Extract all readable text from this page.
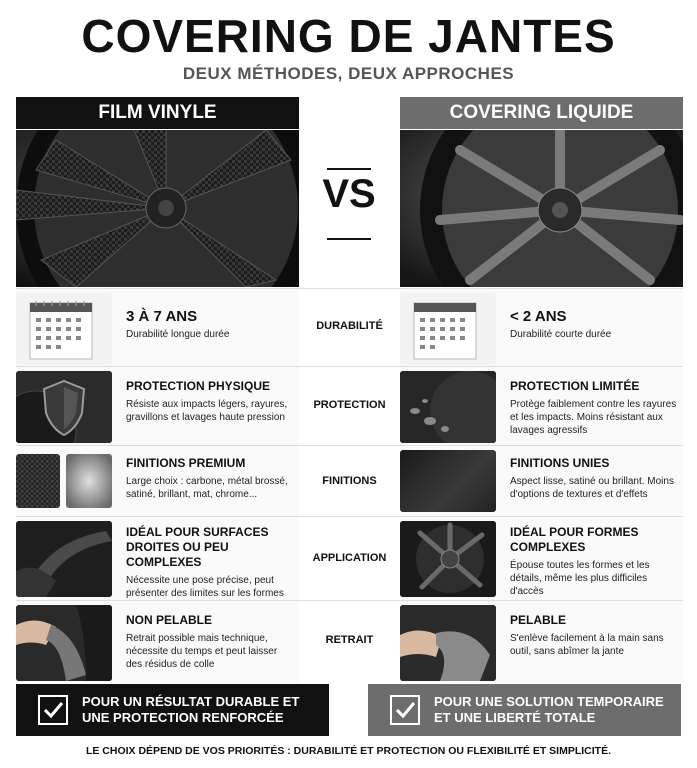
COVERING DE JANTES
DEUX MÉTHODES, DEUX APPROCHES
FILM VINYLE	COVERING LIQUIDE
VS
3 À 7 ANS
Durabilité longue durée
DURABILITÉ
< 2 ANS
Durabilité courte durée
PROTECTION PHYSIQUE
Résiste aux impacts légers, rayures, gravillons et lavages haute pression
PROTECTION
PROTECTION LIMITÉE
Protège faiblement contre les rayures et les impacts. Moins résistant aux lavages agressifs
FINITIONS PREMIUM
Large choix : carbone, métal brossé, satiné, brillant, mat, chrome...
FINITIONS
FINITIONS UNIES
Aspect lisse, satiné ou brillant. Moins d'options de textures et d'effets
IDÉAL POUR SURFACES DROITES OU PEU COMPLEXES
Nécessite une pose précise, peut présenter des limites sur les formes
APPLICATION
IDÉAL POUR FORMES COMPLEXES
Épouse toutes les formes et les détails, même les plus difficiles d'accès
NON PELABLE
Retrait possible mais technique, nécessite du temps et peut laisser des résidus de colle
RETRAIT
PELABLE
S'enlève facilement à la main sans outil, sans abîmer la jante
POUR UN RÉSULTAT DURABLE ET UNE PROTECTION RENFORCÉE
POUR UNE SOLUTION TEMPORAIRE ET UNE LIBERTÉ TOTALE
LE CHOIX DÉPEND DE VOS PRIORITÉS : DURABILITÉ ET PROTECTION OU FLEXIBILITÉ ET SIMPLICITÉ.
